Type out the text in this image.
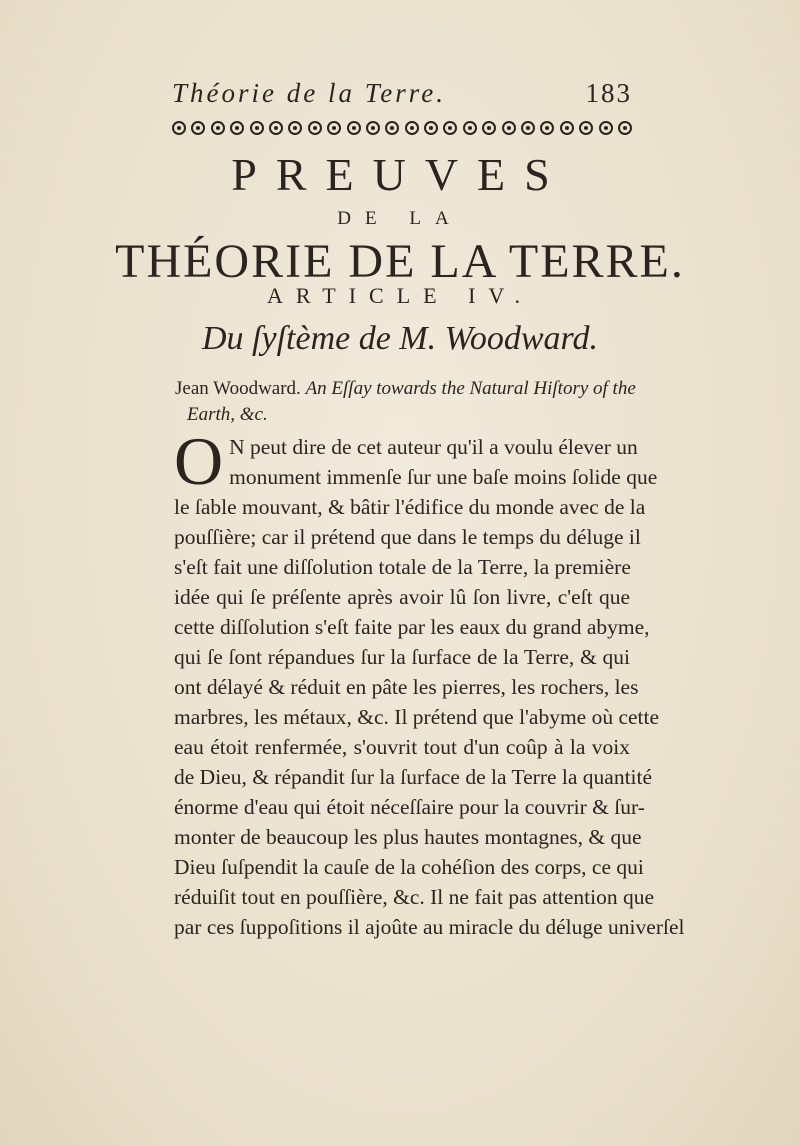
Théorie de la Terre.	183
PREUVES
DE LA
THÉORIE DE LA TERRE.
ARTICLE IV.
Du ſyſtème de M. Woodward.
Jean Woodward. An Eſſay towards the Natural Hiſtory of the
Earth, &c.
O N peut dire de cet auteur qu'il a voulu élever un
monument immenſe ſur une baſe moins ſolide que
le ſable mouvant, & bâtir l'édifice du monde avec de la
pouſſière; car il prétend que dans le temps du déluge il
s'eſt fait une diſſolution totale de la Terre, la première
idée qui ſe préſente après avoir lû ſon livre, c'eſt que
cette diſſolution s'eſt faite par les eaux du grand abyme,
qui ſe ſont répandues ſur la ſurface de la Terre, & qui
ont délayé & réduit en pâte les pierres, les rochers, les
marbres, les métaux, &c. Il prétend que l'abyme où cette
eau étoit renfermée, s'ouvrit tout d'un coûp à la voix
de Dieu, & répandit ſur la ſurface de la Terre la quantité
énorme d'eau qui étoit néceſſaire pour la couvrir & ſur-
monter de beaucoup les plus hautes montagnes, & que
Dieu ſuſpendit la cauſe de la cohéſion des corps, ce qui
réduiſit tout en pouſſière, &c. Il ne fait pas attention que
par ces ſuppoſitions il ajoûte au miracle du déluge univerſel
